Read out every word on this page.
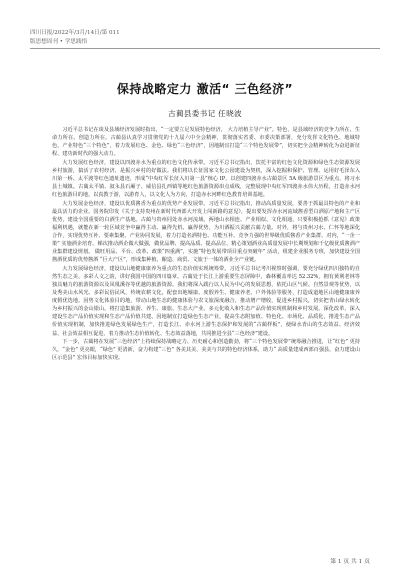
四川日报/2022年/3月/14日/第 011
版思想周刊 • 学思践悟
保持战略定力 激活“ 三色经济”
古蔺县委书记 任晓波

习近平总书记在谈及县域经济发展时指出，“一定要立足发展特色经济， 大力培植主导产业”。特色，是县域经济的竞争力所在、生命力所在、创造力所在。古蔺县认真学习贯彻党的十九届六中全会精神，贯彻落实省委、市委决策部署，充分发挥文化特色、地域特色、产业特色“三个特色”，着力发展红色、金色、绿色“三色经济”，因地制宜打造“三个特色发展带”，切实把全会精神转化为奋进新征程、建功新时代的强大动力。

大力发展红色经济，建设以四渡赤水为重点的红色文化传承带。习近平总书记指出，饮托丰富的红色文化资源和绿色生态资源发展乡村旅游，搞活了农村经济，是振兴乡村的好做法。我们将以长征国家文化公园建设为契机，深入挖掘和保护、管理、运用好毛泽东入川第一桥、太平渡等红色遗址遗迹，形成“中央红军长征入川第一县”核心 IP，以创建四渡赤水古蔺景区 5A 级旅游景区为重点，将习水县土城镇、古蔺太平镇、叙永县石厢子、威信县扎西镇等地红色旅游资源串点成线，完整展现中央红军四渡赤水伟大历程，打造赤水河红色旅游目的地。以真教于游，以游育人，以文化人为方向，打造赤水河畔红色教育培训基地。

大力发展金色经济，建设以优质酱香为重点的优势产业发展带。习近平总书记指出，推动高质量发展，要善于抓最具特色的产业和最具活力的企业。国务院印发《关于支持贵州在新时代西部大开发上闯新路的意见》，提出要发挥赤水河流域酱香型白酒原产地和主产区优势，建设全国重要的白酒生产基地。古蔺与贵州同处赤水河流域，两地山水相连、产业相似、文化相通，只要积极抢抓《意见》政策福利机遇，就能在新一轮区域竞争中赢得主动、赢得先机、赢得优势，为川酒振兴贡献古蔺力量。对外，将与贵州习水、仁怀等地深化合作，实现优势互补、要素集聚、产业协同发展，着力打造名酒特色、功能互补、竞争力强的世界级优质酱香产业集群、对内，“一企一策” 实施酒企培育、梯次推动酒企做大做强，做优品牌、提高品质、提高品位、精心策划酒业高质量发展中长期规划和千亿级优质酱酒产业集群建设规划。 做旺用品、平台、改革、政策“四重满”，实施“特色发展带项目重点突破年” 活动，组建企业服务专班，加快建设全国酱酒优质的优势酱酒 “巨大产区”，形成集种植、酿造、商贸、文旅于一体的酒业全产业链。

大力发展绿色经济，建设以山地健康康养为重点的生态价值实现统筹带。习近平总书记考川视察时强调，要充分绿优四川独特的自然生态之美、多彩人文之韵，讲好我国中国的四川篇章。古蔺处于长江上游重要生态屏障中，森林覆盖率达 52.32%，拥有黄荆老林等独具魅力的旅游资源以及凤凰溪谷等优越的旅游资源。我们将深入践行以人民为中心的发展思想，依托山区气候、自然景观等优势，以及秀美山水风光、多彩民俗民风、传统农耕文化，配套出地墟康、度假养生、健康养老、户外体验等服务，打造成道地区山地健康康养度假优选地。因势文化体验目的地，带动山地生态的健康体验与农文旅深度融合，推动增产增收，促进乡村振兴，切实把青山绿水转化为乡村振兴的金山银山。将打造集旅游、养生、康旅、生态大产业、多元化收入和生态产品价值实现机制和乡村发展、深化改革，深入建设生态产品价值实现和生态产品价值共建、因地制宜打造绿色生态产业，提高生态附加值、特色化、市场化、品质化，推进生态产品价值实现机制，加快推进绿色发展绿色生产，打造长江、赤水河上游生态保护和发展的“古蔺样板”，使绿水青山的生态效益、经济效益、社会效益相互促进，着力推动生态价值转化、生态效益落地，共同推进全县“三色经济”建设。

下一步，古蔺将在发展“三色经济”上持续保持战略定力、历史耐心和创造勤劲，将“三个特色发展带”统筹融合推进，让“红色” 更持久，“金色” 更亮眼，“绿色” 更清新，奋力构建“三色” 各美其美、美美与共的特色经济体系，助力“ 高质量建成西部百强县、奋力建设山区示范县” 宏伟目标加快实现。

第 1 页 共 1 页
